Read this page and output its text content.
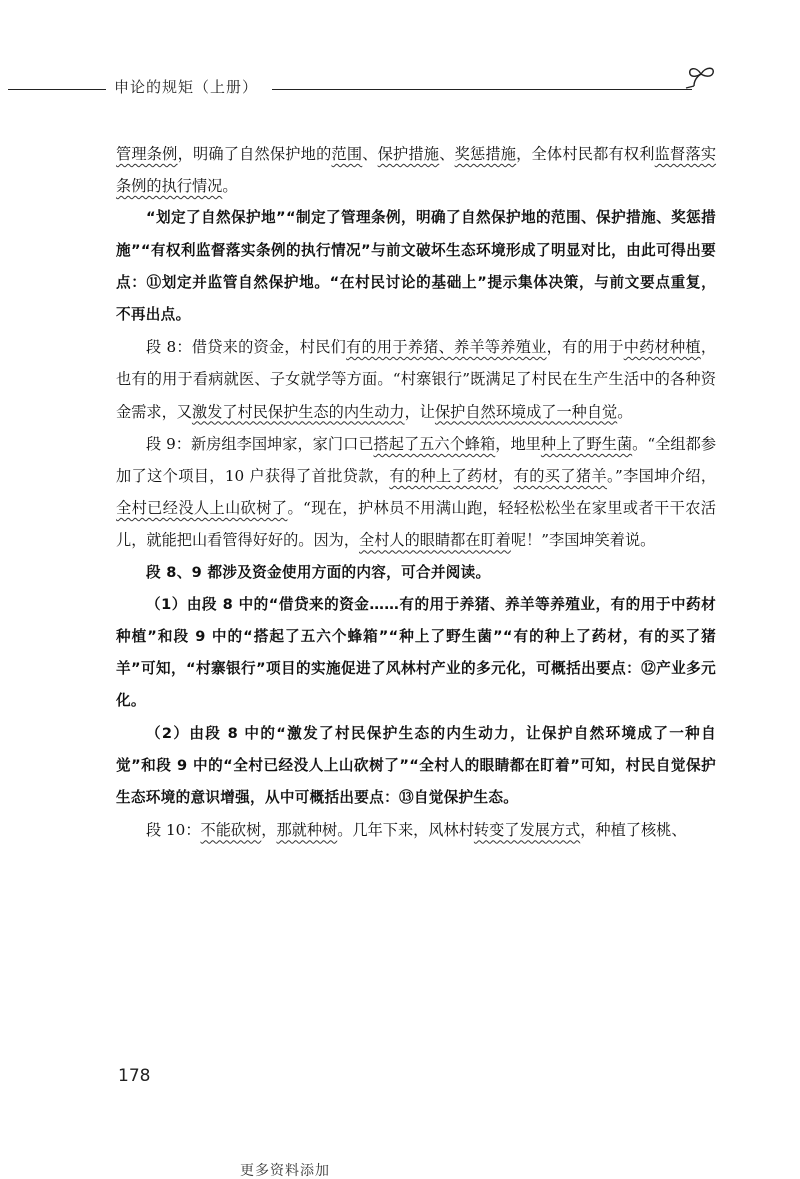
申论的规矩（上册）

管理条例，明确了自然保护地的范围、保护措施、奖惩措施，全体村民都有权利监督落实条例的执行情况。

“划定了自然保护地”“制定了管理条例，明确了自然保护地的范围、保护措施、奖惩措施”“有权利监督落实条例的执行情况”与前文破坏生态环境形成了明显对比，由此可得出要点：⑪划定并监管自然保护地。“在村民讨论的基础上”提示集体决策，与前文要点重复，不再出点。

段 8：借贷来的资金，村民们有的用于养猪、养羊等养殖业，有的用于中药材种植，也有的用于看病就医、子女就学等方面。“村寨银行”既满足了村民在生产生活中的各种资金需求，又激发了村民保护生态的内生动力，让保护自然环境成了一种自觉。

段 9：新房组李国坤家，家门口已搭起了五六个蜂箱，地里种上了野生菌。“全组都参加了这个项目，10 户获得了首批贷款，有的种上了药材，有的买了猪羊。”李国坤介绍，全村已经没人上山砍树了。“现在，护林员不用满山跑，轻轻松松坐在家里或者干干农活儿，就能把山看管得好好的。因为，全村人的眼睛都在盯着呢！”李国坤笑着说。

段 8、9 都涉及资金使用方面的内容，可合并阅读。

（1）由段 8 中的“借贷来的资金……有的用于养猪、养羊等养殖业，有的用于中药材种植”和段 9 中的“搭起了五六个蜂箱”“种上了野生菌”“有的种上了药材，有的买了猪羊”可知，“村寨银行”项目的实施促进了风林村产业的多元化，可概括出要点：⑫产业多元化。

（2）由段 8 中的“激发了村民保护生态的内生动力，让保护自然环境成了一种自觉”和段 9 中的“全村已经没人上山砍树了”“全村人的眼睛都在盯着”可知，村民自觉保护生态环境的意识增强，从中可概括出要点：⑬自觉保护生态。

段 10：不能砍树，那就种树。几年下来，风林村转变了发展方式，种植了核桃、

178
更多资料添加
